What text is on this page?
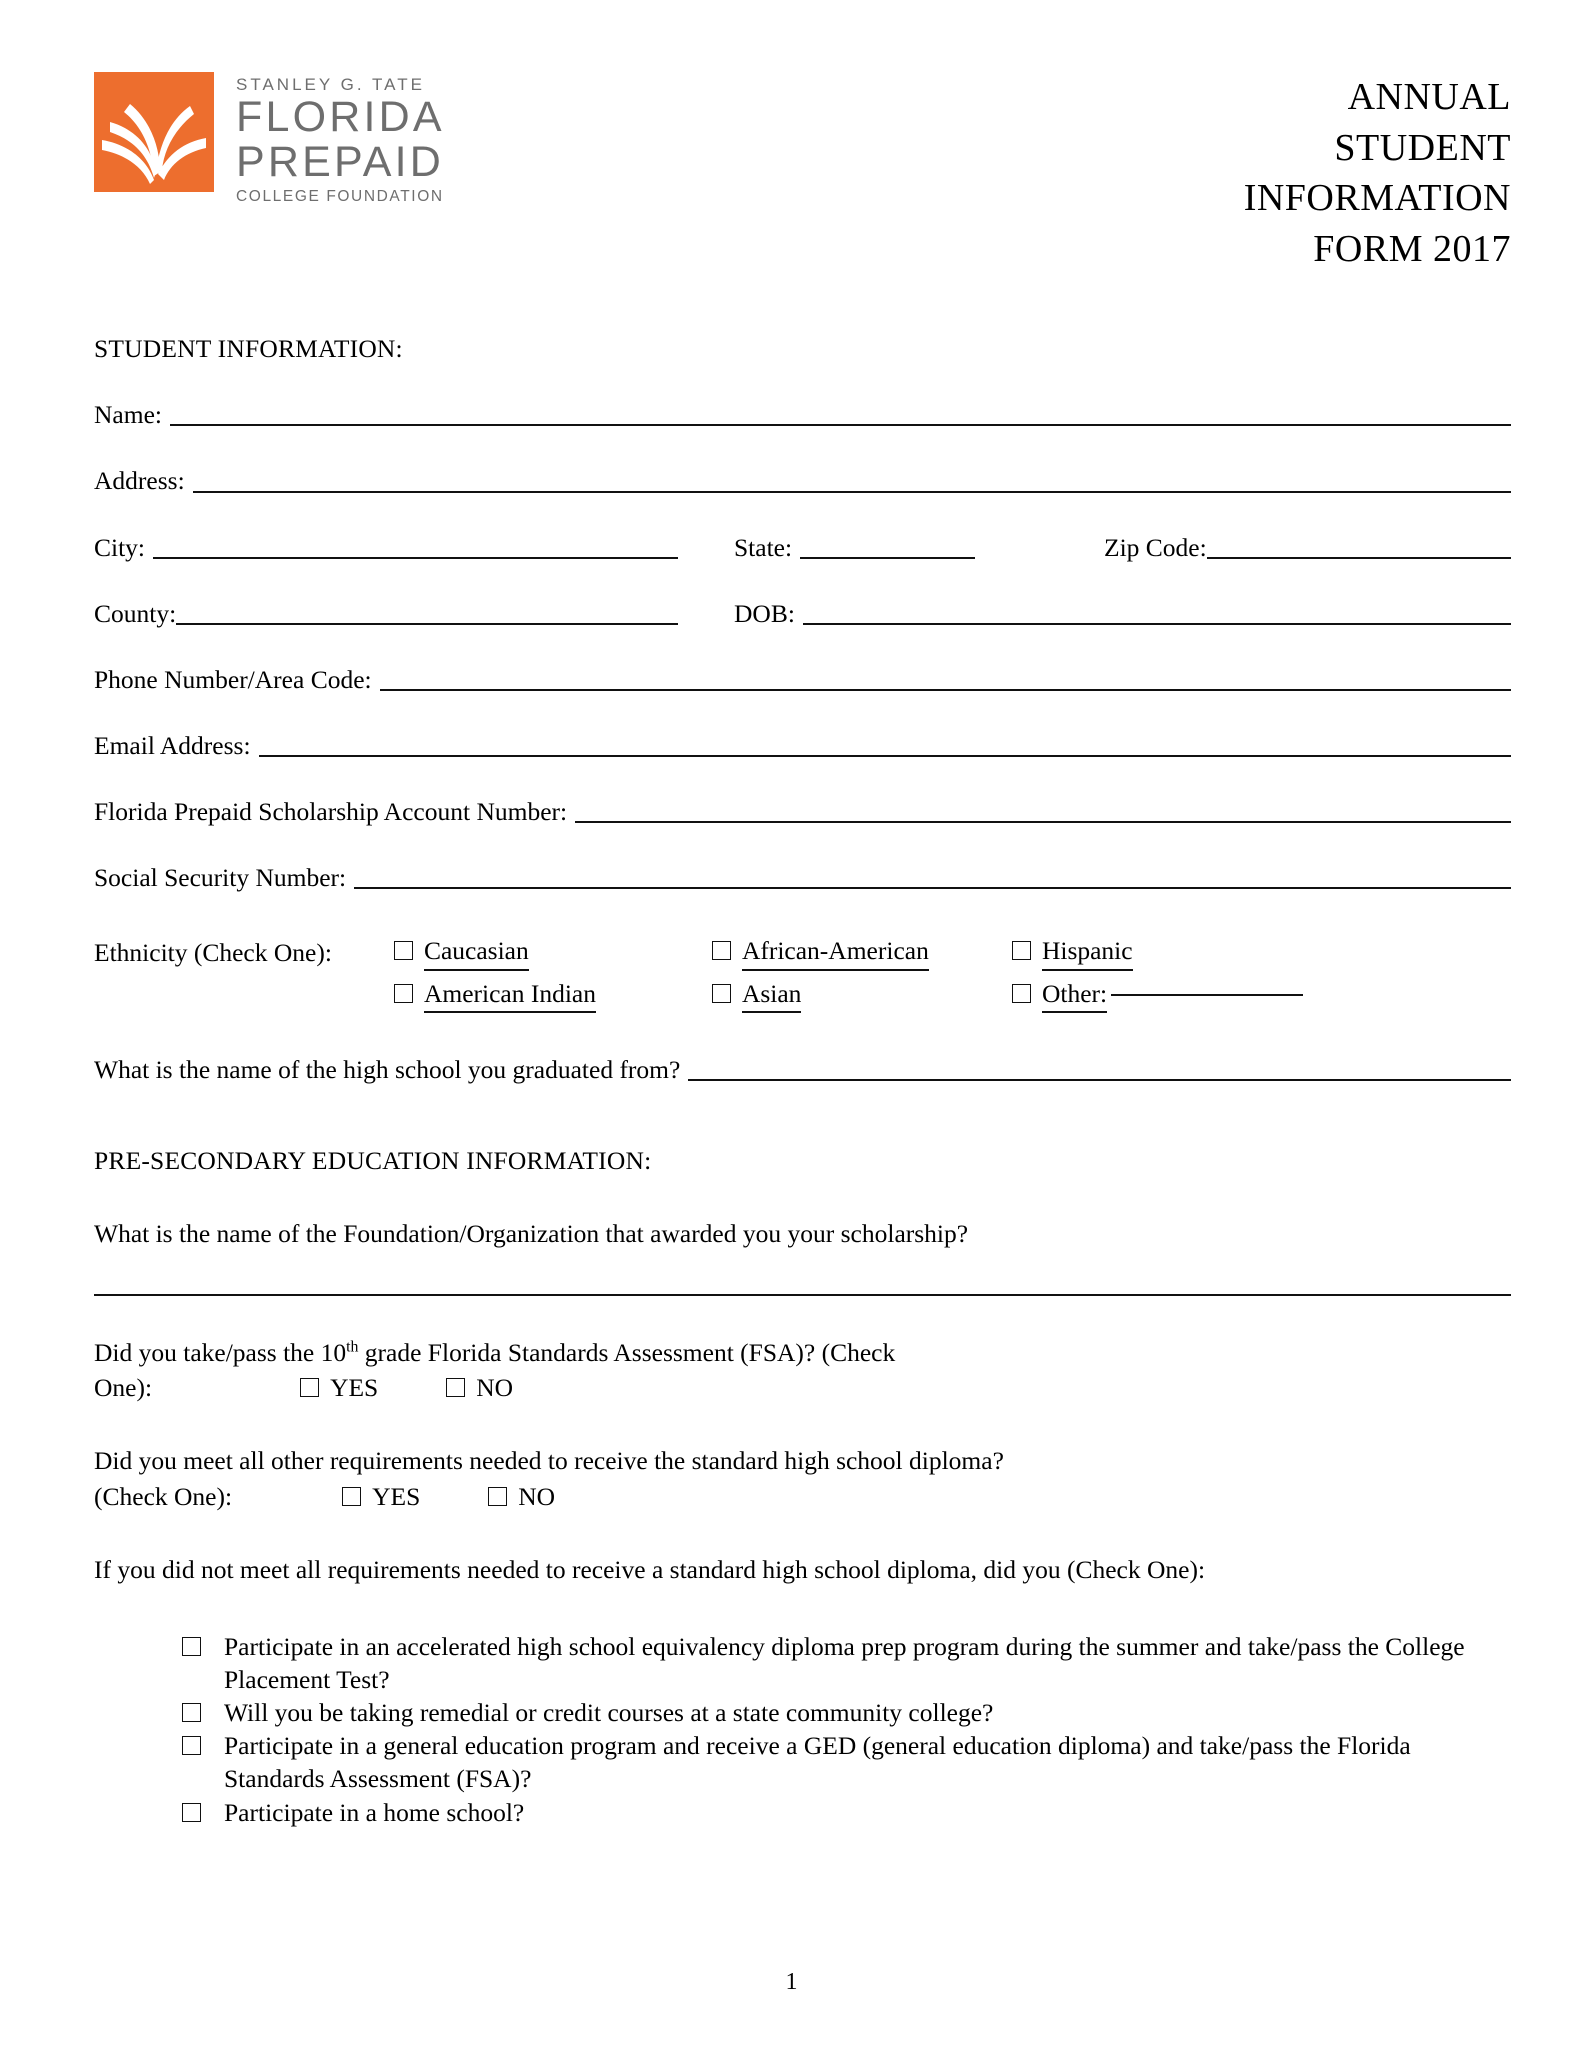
STANLEY G. TATE
FLORIDA
PREPAID
COLLEGE FOUNDATION
ANNUAL
STUDENT
INFORMATION
FORM 2017
STUDENT INFORMATION:
Name:
Address:
City:	State:	Zip Code:
County:	DOB:
Phone Number/Area Code:
Email Address:
Florida Prepaid Scholarship Account Number:
Social Security Number:
Ethnicity (Check One):	Caucasian	African-American	Hispanic
American Indian	Asian	Other:
What is the name of the high school you graduated from?
PRE-SECONDARY EDUCATION INFORMATION:
What is the name of the Foundation/Organization that awarded you your scholarship?
Did you take/pass the 10th grade Florida Standards Assessment (FSA)? (Check
One):	YES	NO
Did you meet all other requirements needed to receive the standard high school diploma?
(Check One):	YES	NO
If you did not meet all requirements needed to receive a standard high school diploma, did you (Check One):
Participate in an accelerated high school equivalency diploma prep program during the summer and take/pass the College Placement Test?
Will you be taking remedial or credit courses at a state community college?
Participate in a general education program and receive a GED (general education diploma) and take/pass the Florida Standards Assessment (FSA)?
Participate in a home school?
1
